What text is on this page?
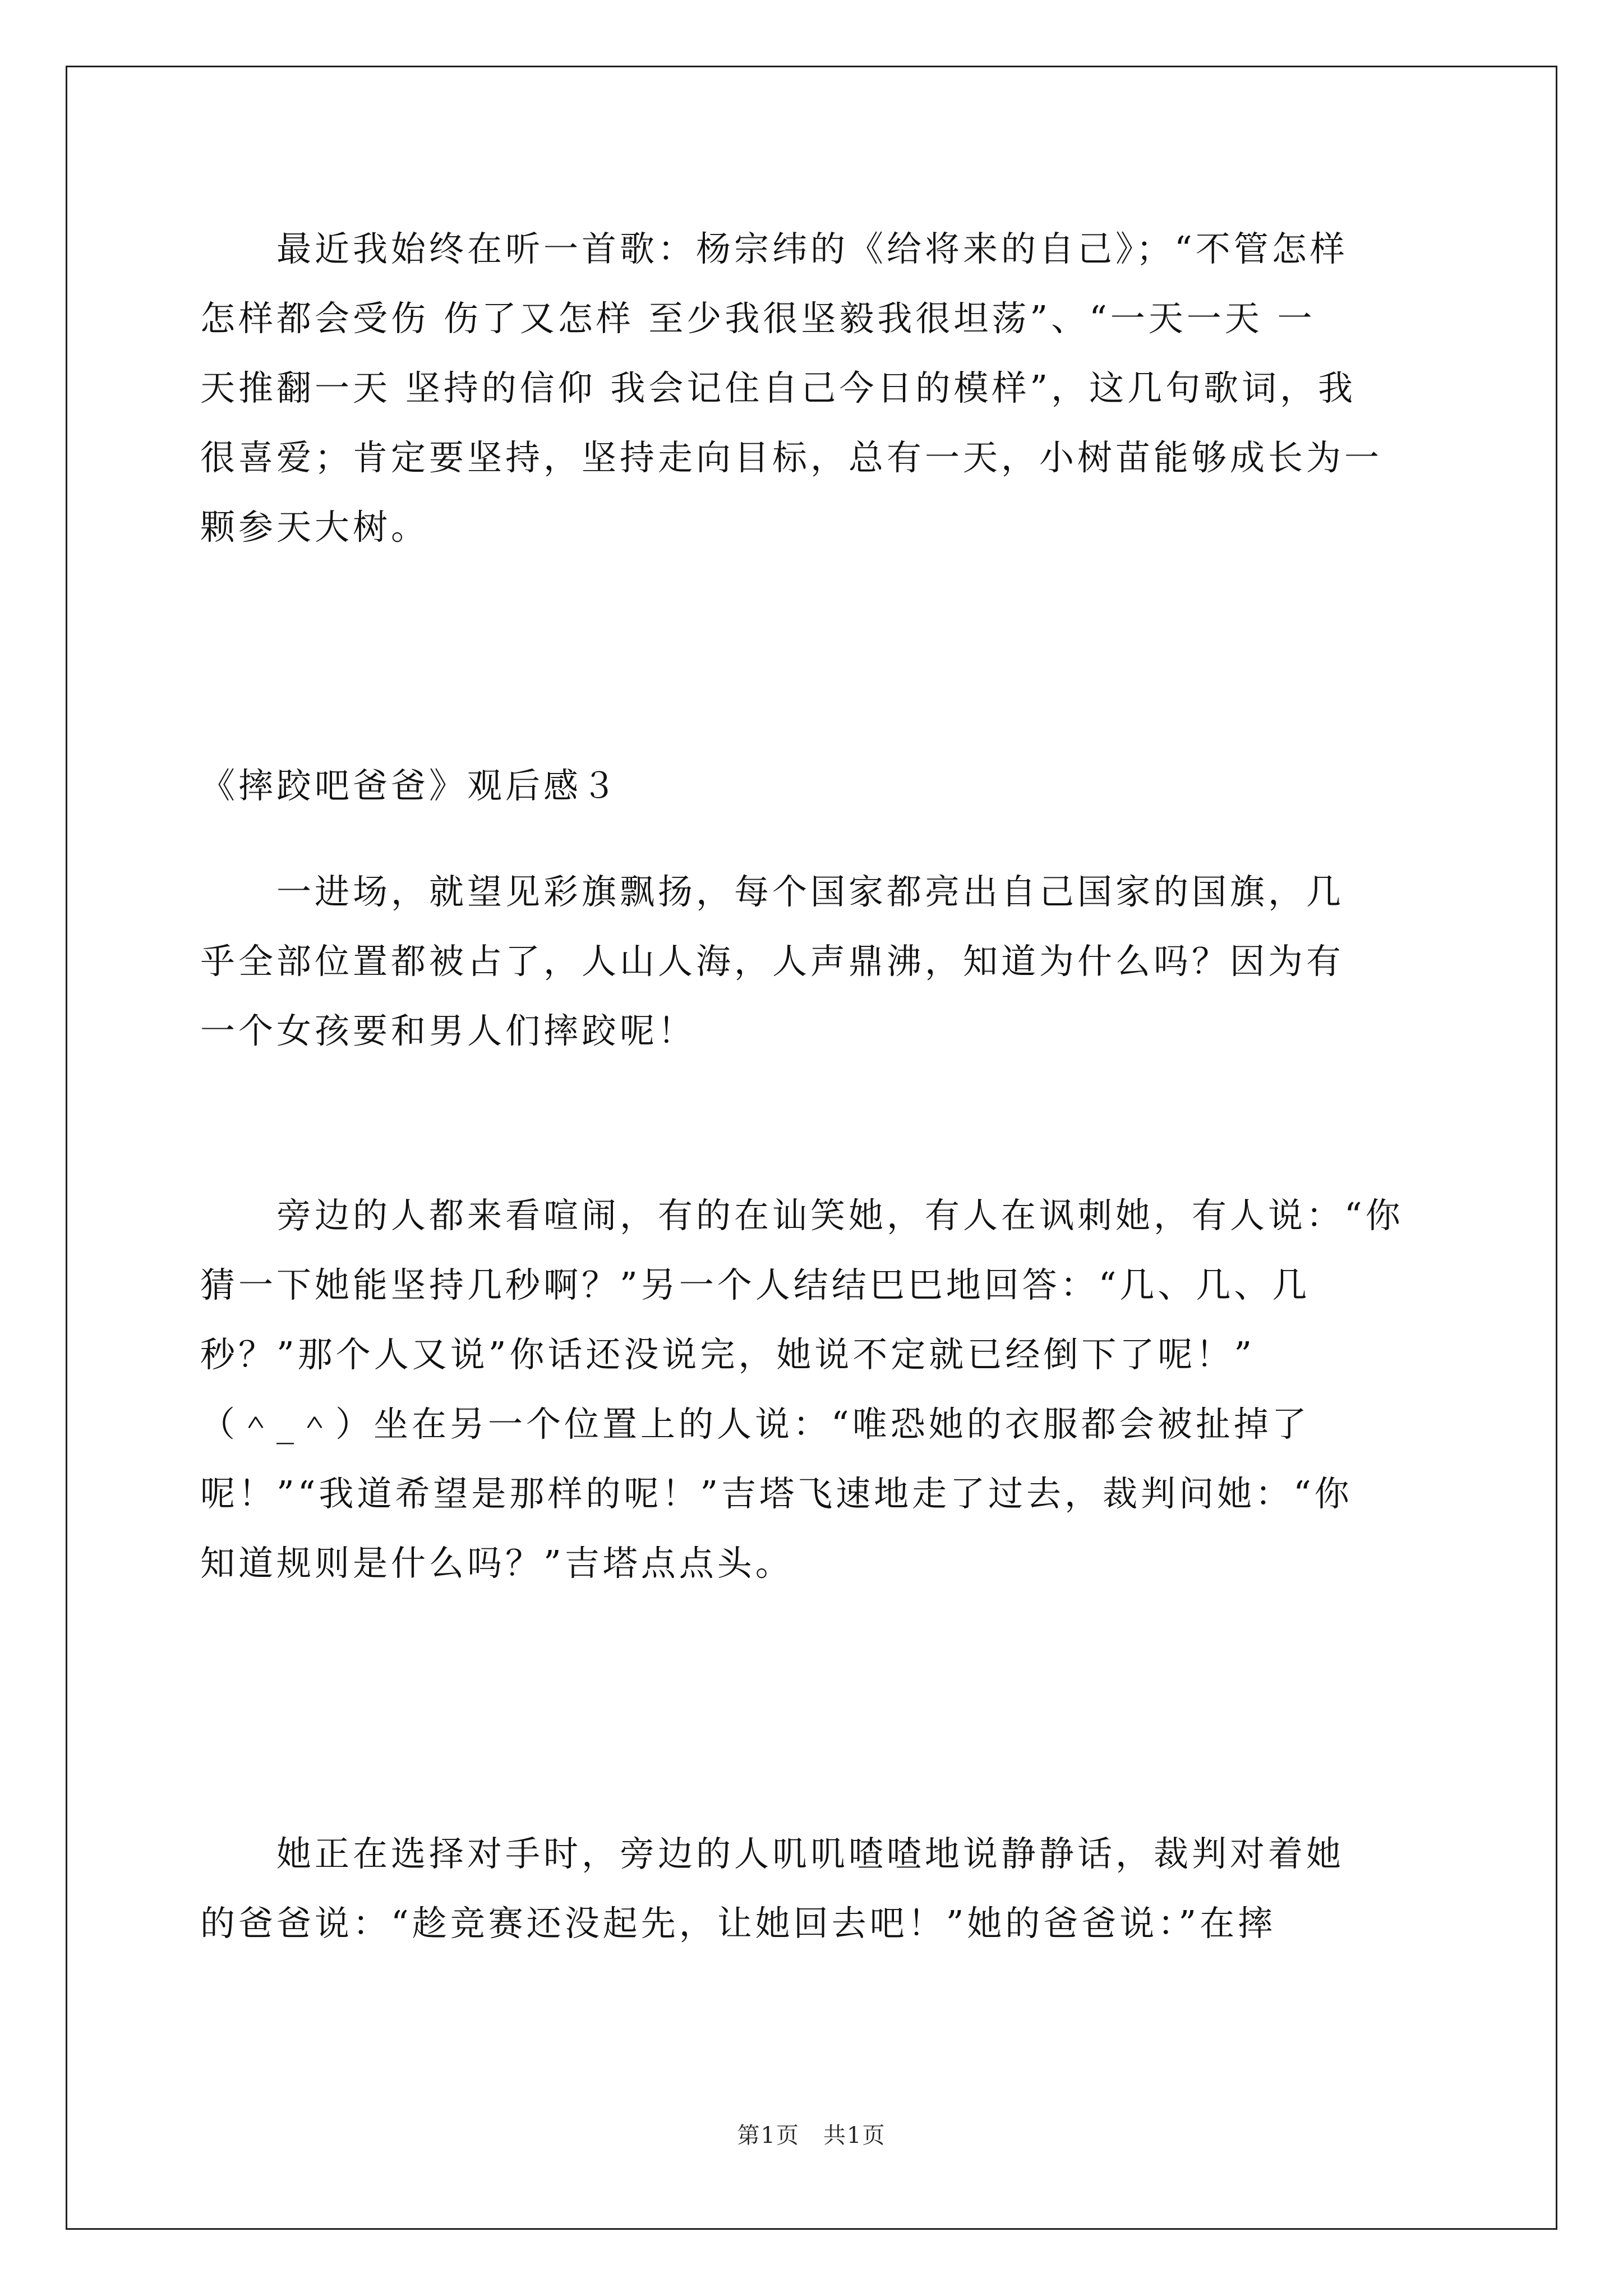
　　最近我始终在听一首歌：杨宗纬的《给将来的自己》；“不管怎样
怎样都会受伤 伤了又怎样 至少我很坚毅我很坦荡”、“一天一天 一
天推翻一天 坚持的信仰 我会记住自己今日的模样”，这几句歌词，我
很喜爱；肯定要坚持，坚持走向目标，总有一天，小树苗能够成长为一
颗参天大树。
《摔跤吧爸爸》观后感３
　　一进场，就望见彩旗飘扬，每个国家都亮出自己国家的国旗，几
乎全部位置都被占了，人山人海，人声鼎沸，知道为什么吗？因为有
一个女孩要和男人们摔跤呢！
　　旁边的人都来看喧闹，有的在讪笑她，有人在讽刺她，有人说：“你
猜一下她能坚持几秒啊？”另一个人结结巴巴地回答：“几、几、几
秒？”那个人又说”你话还没说完，她说不定就已经倒下了呢！”
（＾_＾）坐在另一个位置上的人说：“唯恐她的衣服都会被扯掉了
呢！”“我道希望是那样的呢！”吉塔飞速地走了过去，裁判问她：“你
知道规则是什么吗？”吉塔点点头。
　　她正在选择对手时，旁边的人叽叽喳喳地说静静话，裁判对着她
的爸爸说：“趁竞赛还没起先，让她回去吧！”她的爸爸说：”在摔
第1页　共1页
